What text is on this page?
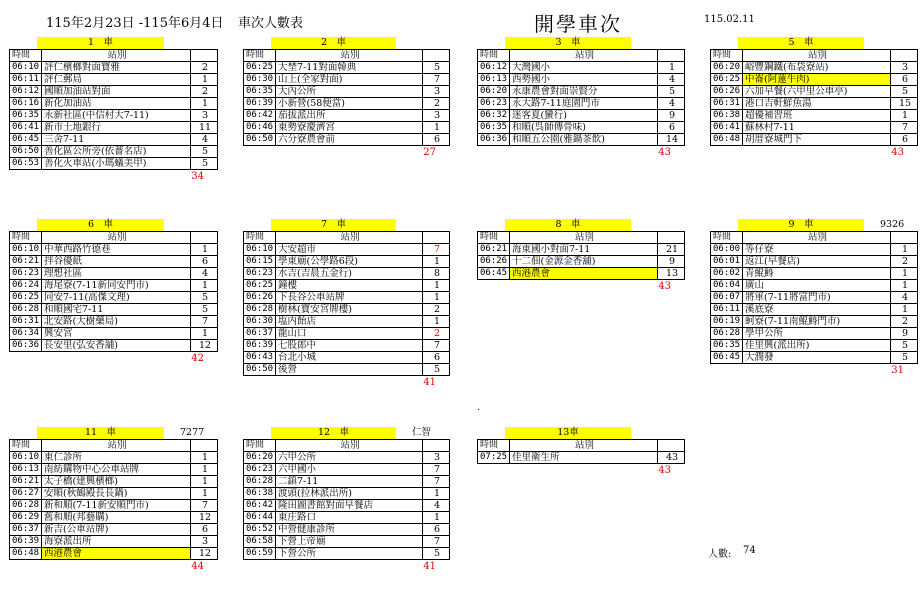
115年2月23日 -115年6月4日 車次人數表	開學車次	115.02.11
1　車
時間	站別	
06:10	評仁檳榔對面寶雅	2
06:11	評仁郵局	1
06:12	國順加油站對面	2
06:16	新化加油站	1
06:35	永新社區(中信村大7-11)	3
06:41	新市土地銀行	11
06:45	三舍7-11	4
06:50	善化區公所旁(依薔名店)	5
06:53	善化火車站(小瑪蟻美甲)	5
34
2　車
時間	站別	
06:25	大埜7-11對面韓典	5
06:30	山上(全家對面)	7
06:35	大內公所	3
06:39	小新營(58便當)	2
06:42	茄拔派出所	3
06:46	東勢寮慶濟宮	1
06:50	六分寮農會前	6
27
3　車
時間	站別	
06:12	大灣國小	1
06:13	西勢國小	4
06:20	永康農會對面崇賢分	5
06:23	永大路7-11庭園門市	4
06:32	迷客夏(蠻行)	9
06:35	和順(呉師傳骨味)	6
06:36	和順五公園(雅鍋茶飲)	14
43
5　車
時間	站別	
06:20	峪豐鋼鐵(布袋寮站)	3
06:25	中崙(阿蓮牛肉)	6
06:26	六加早餐(六甲里公車亭)	5
06:31	港口吉軒鮮魚湯	15
06:38	超優補習班	1
06:41	蘇林村7-11	7
06:48	胡厝寮城門下	6
43
6　車
時間	站別	
06:10	中華西路竹德巷	1
06:21	拌谷優紙	6
06:23	理想社區	4
06:24	海尾寮(7-11新同安門市)	1
06:25	同安7-11(高傑文理)	5
06:28	和順國宅7-11	5
06:31	北安路(大樹藥局)	7
06:34	興安宮	1
06:36	長安里(弘安香舖)	12
42
7　車
時間	站別	
06:10	大安超市	7
06:15	學東廟(公學路6段)	1
06:23	水吉(吉晨五金行)	8
06:25	鐘樓	1
06:26	下長谷公車站牌	1
06:28	樹林(寶安宮牌樓)	2
06:30	塩内飴店	1
06:37	龍山口	2
06:39	七股郎中	7
06:43	台北小城	6
06:50	後營	5
41
8　車
時間	站別	
06:21	海東國小對面7-11	21
06:26	十二佃(金源金香舖)	9
06:45	西港農會	13
43
9　車	9326
時間	站別	
06:00	等仔寮	1
06:01	返江(早餐店)	2
06:02	青鯤鯓	1
06:04	廣山	1
06:07	將軍(7-11將富門市)	4
06:11	溪底寮	1
06:19	蚵寮(7-11南鯤鯓門市)	2
06:28	學甲公所	9
06:35	佳里興(派出所)	5
06:45	大潤發	5
31
11　車	7277
時間	站別	
06:10	東仁診所	1
06:13	南紡購物中心公車站牌	1
06:21	太子橋(建興檳榔)	1
06:27	安順(秋鶴殿長長鍋)	1
06:28	新和順(7-11新安順門市)	7
06:29	舊和順(邦藝購)	12
06:37	新吉(公車站牌)	6
06:39	海寮派出所	3
06:48	西港農會	12
44
12　車	仁智
時間	站別	
06:20	六甲公所	3
06:23	六甲國小	7
06:28	二鎮7-11	7
06:38	渡頭(拉林派出所)	1
06:42	隆田圖書館對面早餐店	4
06:44	東庄路口	1
06:52	中營健康診所	6
06:58	下營上帝廟	7
06:59	下營公所	5
41
13車
時間	站別	
07:25	佳里衛生所	43
43
人數: 74
.
